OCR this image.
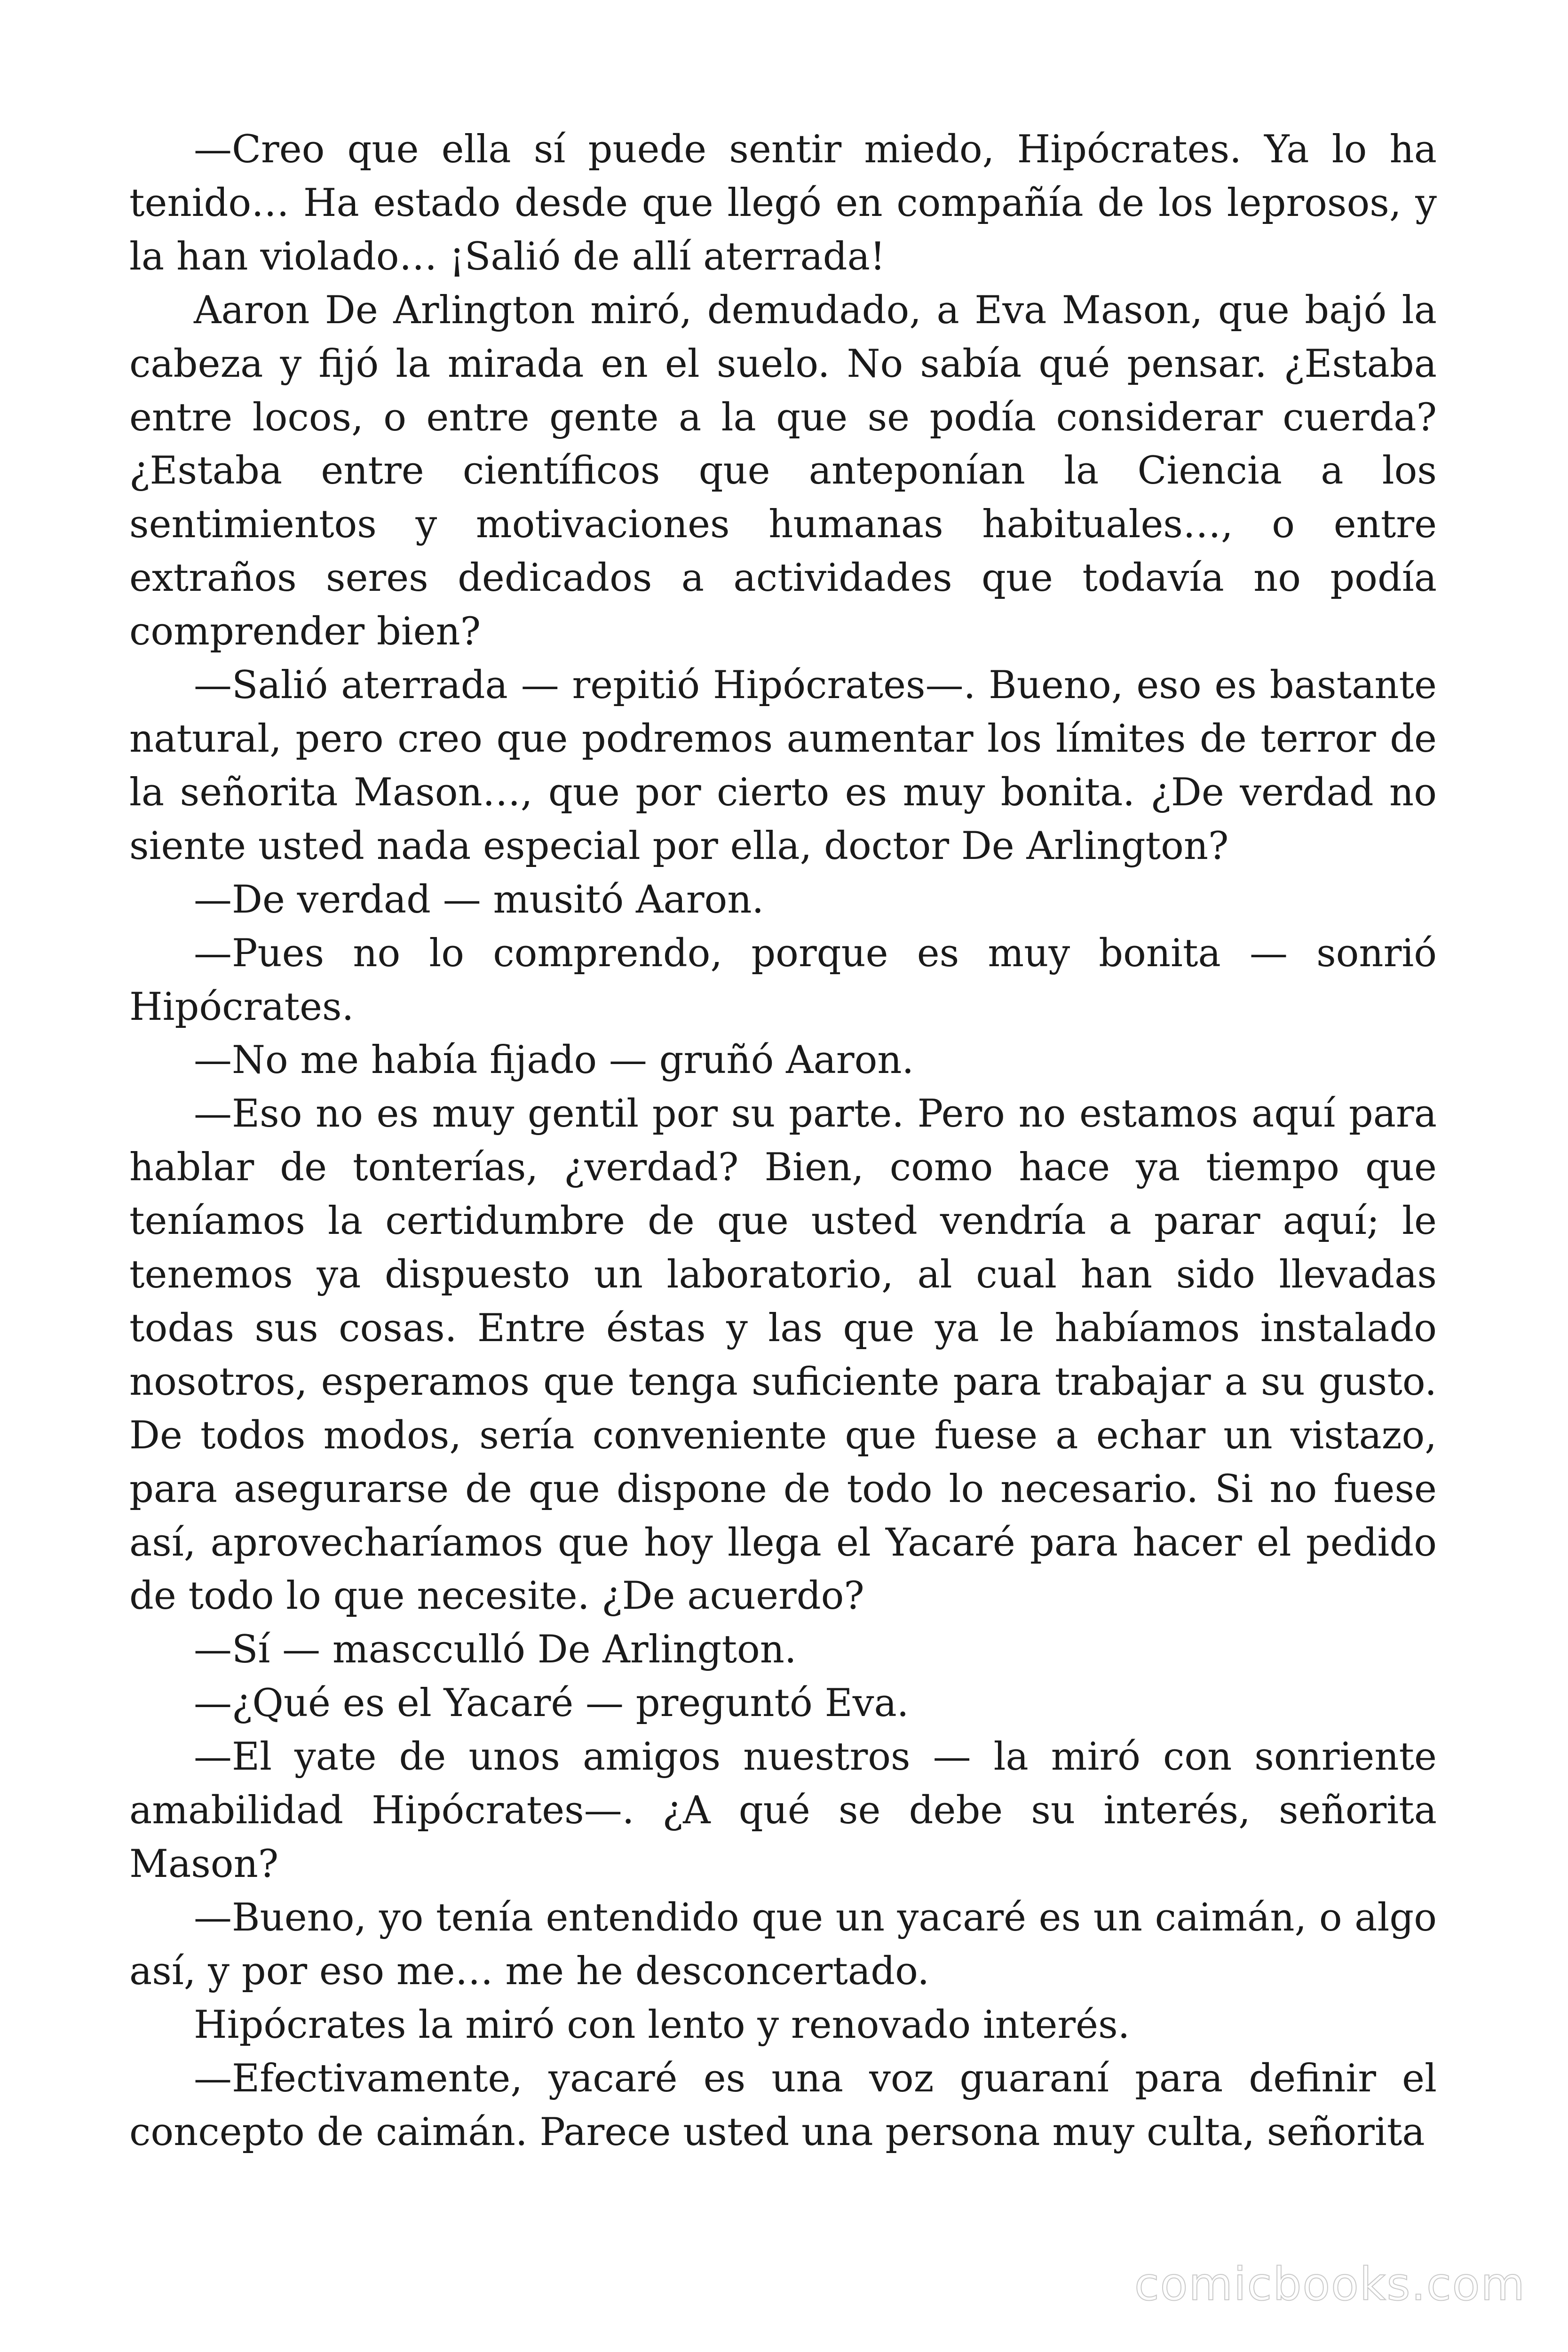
—Creo que ella sí puede sentir miedo, Hipócrates. Ya lo ha tenido… Ha estado desde que llegó en compañía de los leprosos, y la han violado… ¡Salió de allí aterrada!

Aaron De Arlington miró, demudado, a Eva Mason, que bajó la cabeza y fijó la mirada en el suelo. No sabía qué pensar. ¿Estaba entre locos, o entre gente a la que se podía considerar cuerda? ¿Estaba entre científicos que anteponían la Ciencia a los sentimientos y motivaciones humanas habituales…, o entre extraños seres dedicados a actividades que todavía no podía comprender bien?

—Salió aterrada — repitió Hipócrates—. Bueno, eso es bastante natural, pero creo que podremos aumentar los límites de terror de la señorita Mason…, que por cierto es muy bonita. ¿De verdad no siente usted nada especial por ella, doctor De Arlington?

—De verdad — musitó Aaron.

—Pues no lo comprendo, porque es muy bonita — sonrió Hipócrates.

—No me había fijado — gruñó Aaron.

—Eso no es muy gentil por su parte. Pero no estamos aquí para hablar de tonterías, ¿verdad? Bien, como hace ya tiempo que teníamos la certidumbre de que usted vendría a parar aquí; le tenemos ya dispuesto un laboratorio, al cual han sido llevadas todas sus cosas. Entre éstas y las que ya le habíamos instalado nosotros, esperamos que tenga suficiente para trabajar a su gusto. De todos modos, sería conveniente que fuese a echar un vistazo, para asegurarse de que dispone de todo lo necesario. Si no fuese así, aprovecharíamos que hoy llega el Yacaré para hacer el pedido de todo lo que necesite. ¿De acuerdo?

—Sí — mascculló De Arlington.

—¿Qué es el Yacaré — preguntó Eva.

—El yate de unos amigos nuestros — la miró con sonriente amabilidad Hipócrates—. ¿A qué se debe su interés, señorita Mason?

—Bueno, yo tenía entendido que un yacaré es un caimán, o algo así, y por eso me… me he desconcertado.

Hipócrates la miró con lento y renovado interés.

—Efectivamente, yacaré es una voz guaraní para definir el concepto de caimán. Parece usted una persona muy culta, señorita

comicbooks.com
